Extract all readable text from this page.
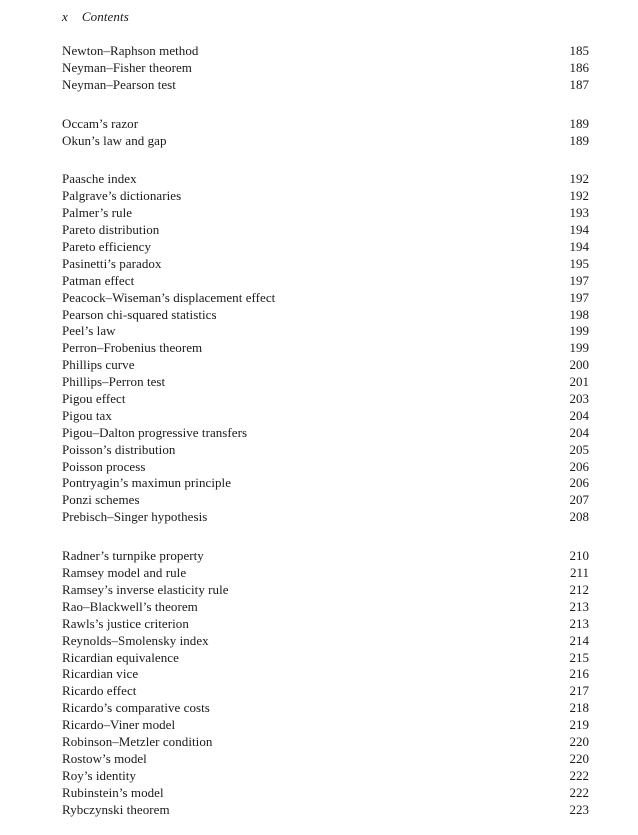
x Contents
Newton–Raphson method	185
Neyman–Fisher theorem	186
Neyman–Pearson test	187
Occam’s razor	189
Okun’s law and gap	189
Paasche index	192
Palgrave’s dictionaries	192
Palmer’s rule	193
Pareto distribution	194
Pareto efficiency	194
Pasinetti’s paradox	195
Patman effect	197
Peacock–Wiseman’s displacement effect	197
Pearson chi-squared statistics	198
Peel’s law	199
Perron–Frobenius theorem	199
Phillips curve	200
Phillips–Perron test	201
Pigou effect	203
Pigou tax	204
Pigou–Dalton progressive transfers	204
Poisson’s distribution	205
Poisson process	206
Pontryagin’s maximun principle	206
Ponzi schemes	207
Prebisch–Singer hypothesis	208
Radner’s turnpike property	210
Ramsey model and rule	211
Ramsey’s inverse elasticity rule	212
Rao–Blackwell’s theorem	213
Rawls’s justice criterion	213
Reynolds–Smolensky index	214
Ricardian equivalence	215
Ricardian vice	216
Ricardo effect	217
Ricardo’s comparative costs	218
Ricardo–Viner model	219
Robinson–Metzler condition	220
Rostow’s model	220
Roy’s identity	222
Rubinstein’s model	222
Rybczynski theorem	223
